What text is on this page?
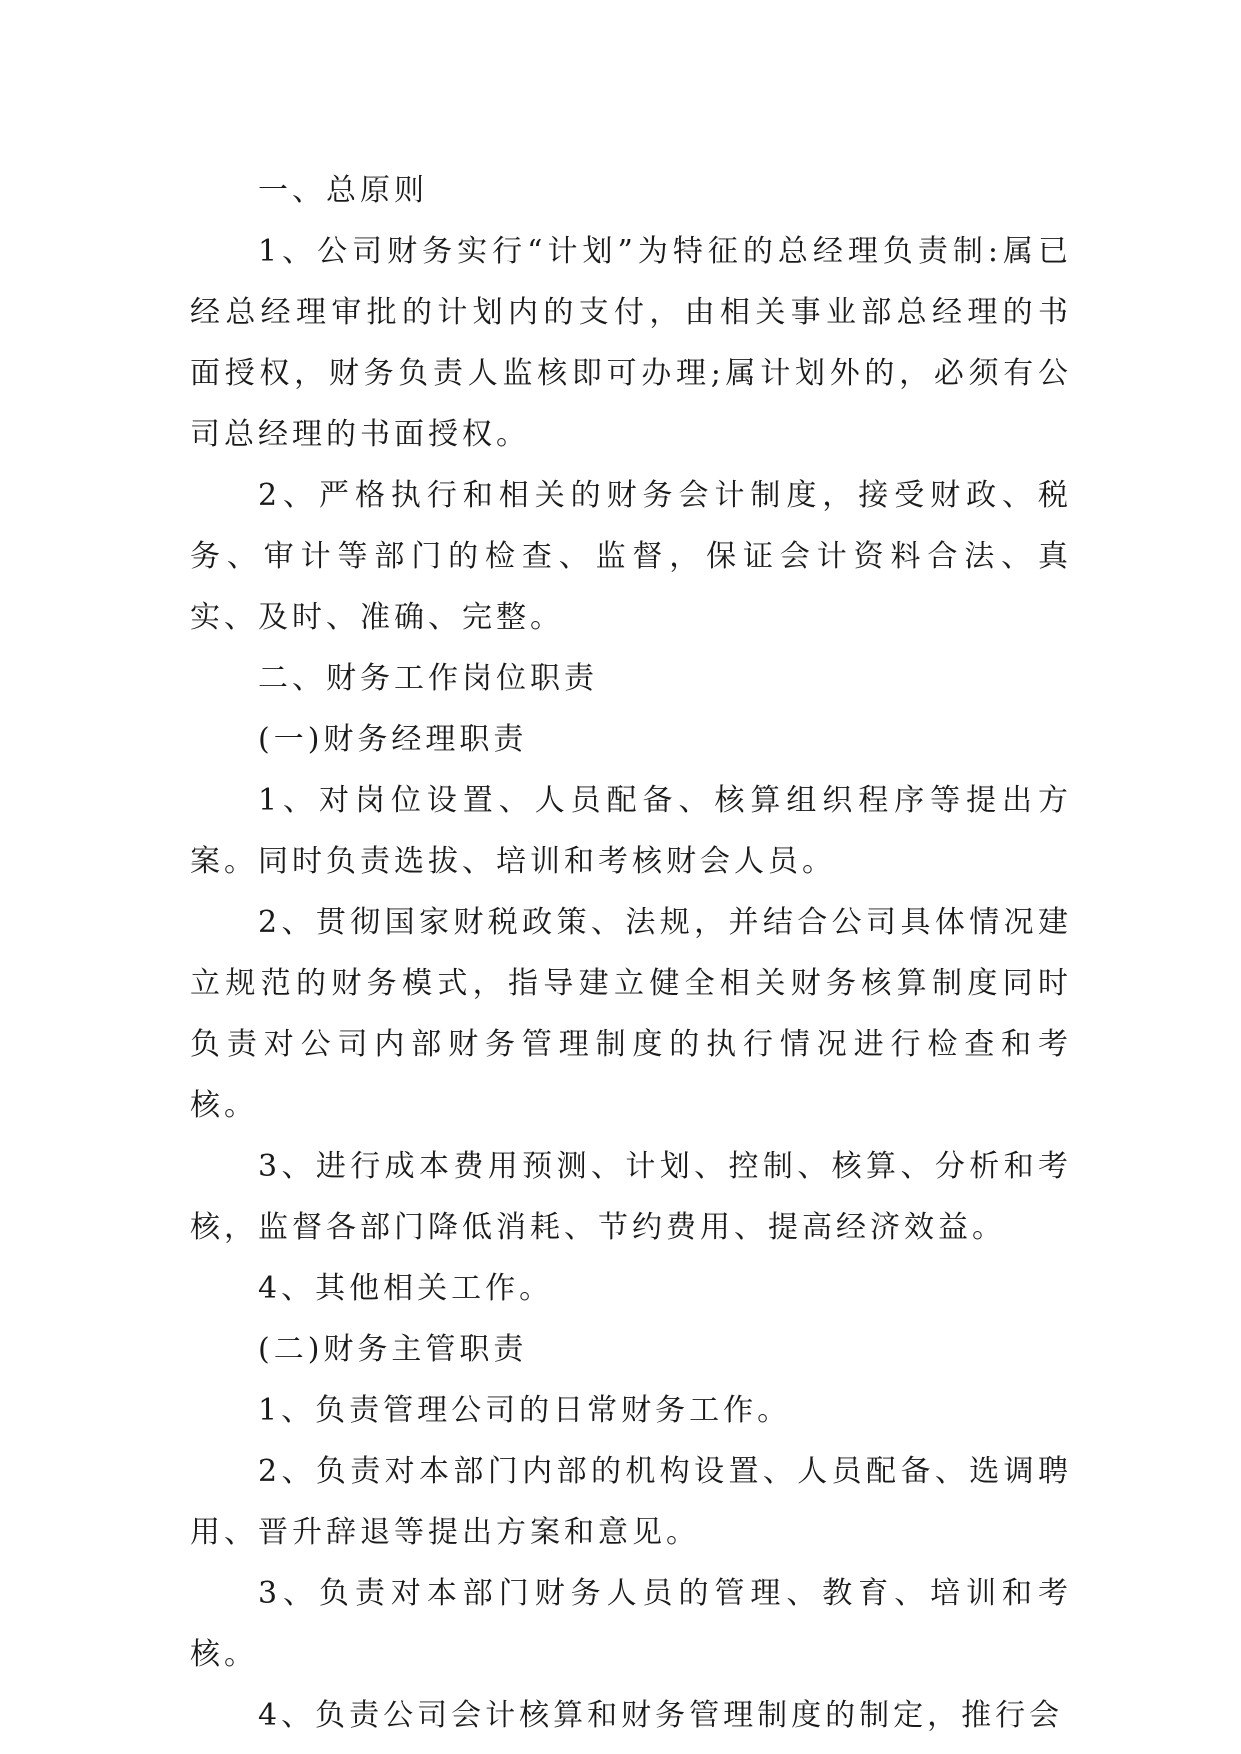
一、总原则

1、公司财务实行“计划”为特征的总经理负责制:属已经总经理审批的计划内的支付，由相关事业部总经理的书面授权，财务负责人监核即可办理;属计划外的，必须有公司总经理的书面授权。

2、严格执行和相关的财务会计制度，接受财政、税务、审计等部门的检查、监督，保证会计资料合法、真实、及时、准确、完整。

二、财务工作岗位职责

(一)财务经理职责

1、对岗位设置、人员配备、核算组织程序等提出方案。同时负责选拔、培训和考核财会人员。

2、贯彻国家财税政策、法规，并结合公司具体情况建立规范的财务模式，指导建立健全相关财务核算制度同时负责对公司内部财务管理制度的执行情况进行检查和考核。

3、进行成本费用预测、计划、控制、核算、分析和考核，监督各部门降低消耗、节约费用、提高经济效益。

4、其他相关工作。

(二)财务主管职责

1、负责管理公司的日常财务工作。

2、负责对本部门内部的机构设置、人员配备、选调聘用、晋升辞退等提出方案和意见。

3、负责对本部门财务人员的管理、教育、培训和考核。

4、负责公司会计核算和财务管理制度的制定，推行会
